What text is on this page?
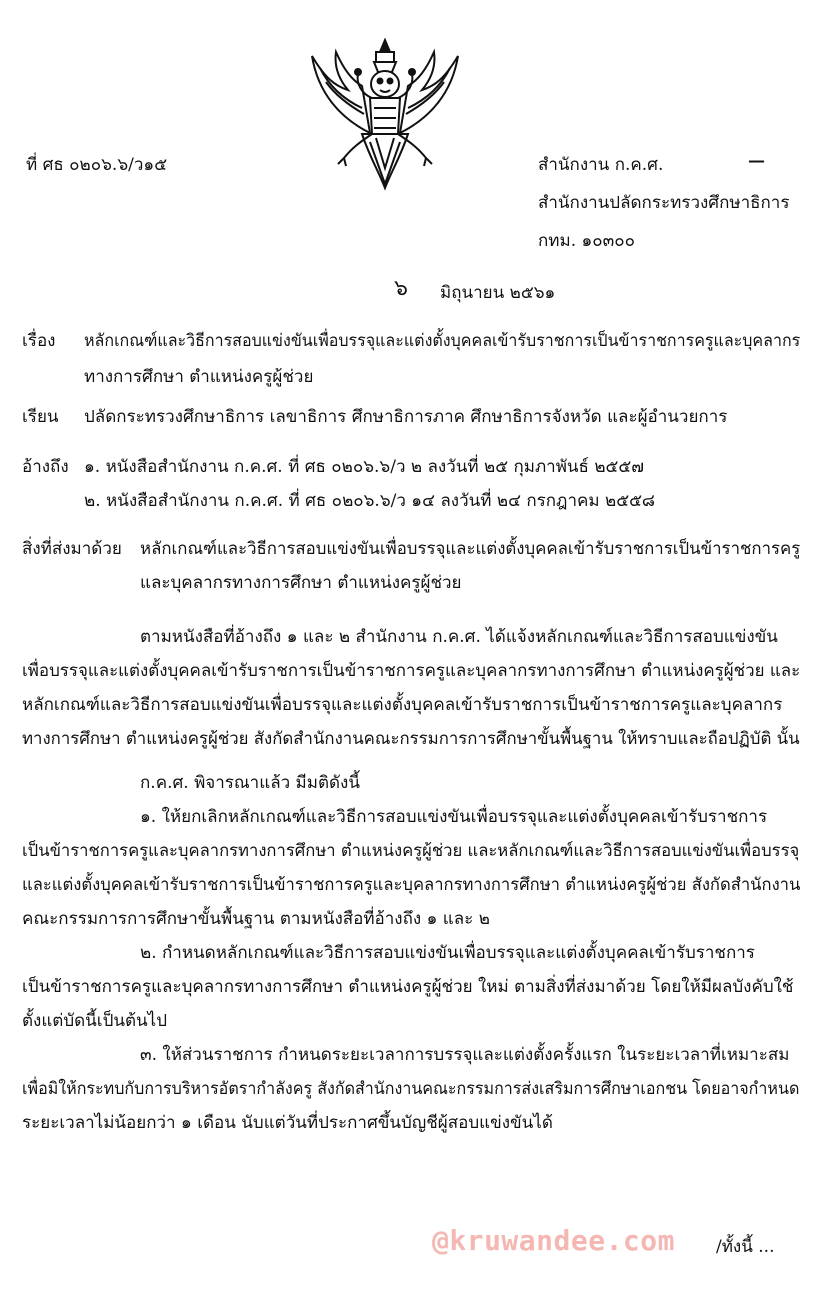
ที่ ศธ ๐๒๐๖.๖/ว๑๕	—
สำนักงาน ก.ค.ศ.
สำนักงานปลัดกระทรวงศึกษาธิการ
กทม. ๑๐๓๐๐
๖ มิถุนายน ๒๕๖๑
เรื่อง หลักเกณฑ์และวิธีการสอบแข่งขันเพื่อบรรจุและแต่งตั้งบุคคลเข้ารับราชการเป็นข้าราชการครูและบุคลากร
ทางการศึกษา ตำแหน่งครูผู้ช่วย
เรียน ปลัดกระทรวงศึกษาธิการ เลขาธิการ ศึกษาธิการภาค ศึกษาธิการจังหวัด และผู้อำนวยการ
อ้างถึง ๑. หนังสือสำนักงาน ก.ค.ศ. ที่ ศธ ๐๒๐๖.๖/ว ๒ ลงวันที่ ๒๕ กุมภาพันธ์ ๒๕๕๗
๒. หนังสือสำนักงาน ก.ค.ศ. ที่ ศธ ๐๒๐๖.๖/ว ๑๔ ลงวันที่ ๒๔ กรกฎาคม ๒๕๕๘
สิ่งที่ส่งมาด้วย หลักเกณฑ์และวิธีการสอบแข่งขันเพื่อบรรจุและแต่งตั้งบุคคลเข้ารับราชการเป็นข้าราชการครู
และบุคลากรทางการศึกษา ตำแหน่งครูผู้ช่วย
ตามหนังสือที่อ้างถึง ๑ และ ๒ สำนักงาน ก.ค.ศ. ได้แจ้งหลักเกณฑ์และวิธีการสอบแข่งขัน
เพื่อบรรจุและแต่งตั้งบุคคลเข้ารับราชการเป็นข้าราชการครูและบุคลากรทางการศึกษา ตำแหน่งครูผู้ช่วย และ
หลักเกณฑ์และวิธีการสอบแข่งขันเพื่อบรรจุและแต่งตั้งบุคคลเข้ารับราชการเป็นข้าราชการครูและบุคลากร
ทางการศึกษา ตำแหน่งครูผู้ช่วย สังกัดสำนักงานคณะกรรมการการศึกษาขั้นพื้นฐาน ให้ทราบและถือปฏิบัติ นั้น
ก.ค.ศ. พิจารณาแล้ว มีมติดังนี้
๑. ให้ยกเลิกหลักเกณฑ์และวิธีการสอบแข่งขันเพื่อบรรจุและแต่งตั้งบุคคลเข้ารับราชการ
เป็นข้าราชการครูและบุคลากรทางการศึกษา ตำแหน่งครูผู้ช่วย และหลักเกณฑ์และวิธีการสอบแข่งขันเพื่อบรรจุ
และแต่งตั้งบุคคลเข้ารับราชการเป็นข้าราชการครูและบุคลากรทางการศึกษา ตำแหน่งครูผู้ช่วย สังกัดสำนักงาน
คณะกรรมการการศึกษาขั้นพื้นฐาน ตามหนังสือที่อ้างถึง ๑ และ ๒
๒. กำหนดหลักเกณฑ์และวิธีการสอบแข่งขันเพื่อบรรจุและแต่งตั้งบุคคลเข้ารับราชการ
เป็นข้าราชการครูและบุคลากรทางการศึกษา ตำแหน่งครูผู้ช่วย ใหม่ ตามสิ่งที่ส่งมาด้วย โดยให้มีผลบังคับใช้
ตั้งแต่บัดนี้เป็นต้นไป
๓. ให้ส่วนราชการ กำหนดระยะเวลาการบรรจุและแต่งตั้งครั้งแรก ในระยะเวลาที่เหมาะสม
เพื่อมิให้กระทบกับการบริหารอัตรากำลังครู สังกัดสำนักงานคณะกรรมการส่งเสริมการศึกษาเอกชน โดยอาจกำหนด
ระยะเวลาไม่น้อยกว่า ๑ เดือน นับแต่วันที่ประกาศขึ้นบัญชีผู้สอบแข่งขันได้
@kruwandee.com /ทั้งนี้ ...
